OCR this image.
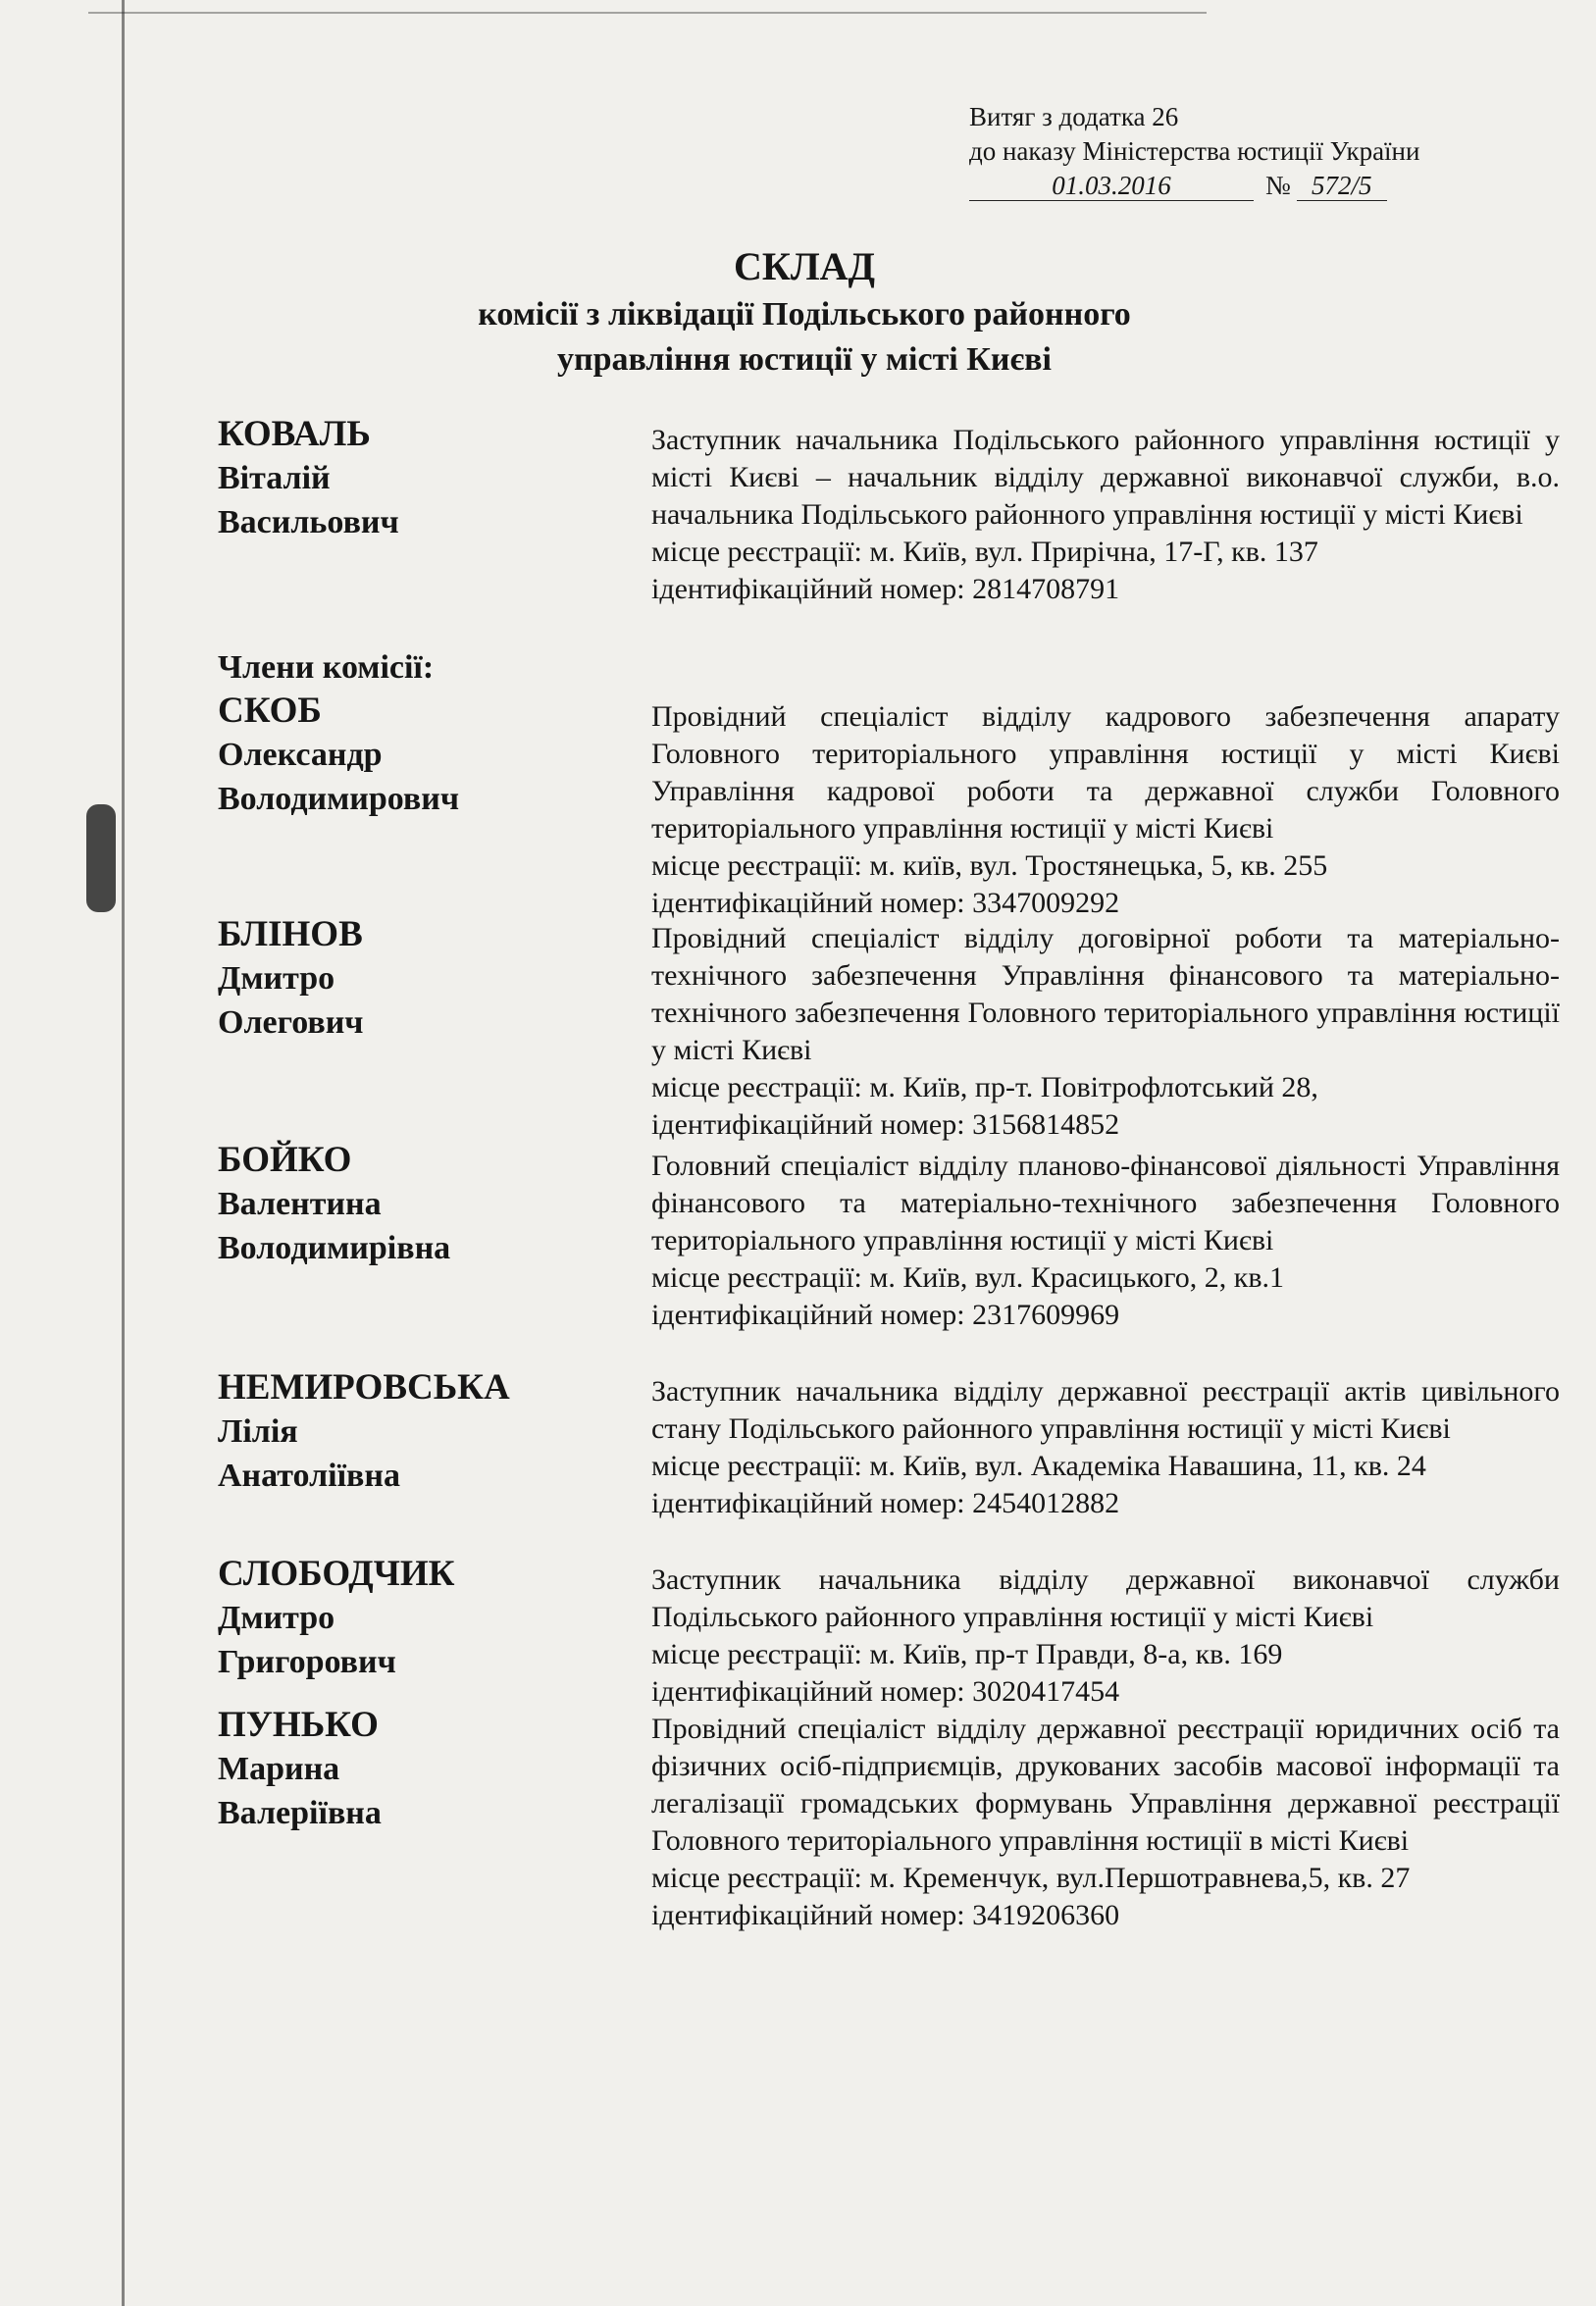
Витяг з додатка 26
до наказу Міністерства юстиції України
01.03.2016	№ 572/5
СКЛАД
комісії з ліквідації Подільського районного
управління юстиції у місті Києві
КОВАЛЬ
Віталій
Васильович
Заступник начальника Подільського районного управління юстиції у місті Києві – начальник відділу державної виконавчої служби, в.о. начальника Подільського районного управління юстиції у місті Києві
місце реєстрації: м. Київ, вул. Прирічна, 17-Г, кв. 137
ідентифікаційний номер: 2814708791
Члени комісії:
СКОБ
Олександр
Володимирович
Провідний спеціаліст відділу кадрового забезпечення апарату Головного територіального управління юстиції у місті Києві Управління кадрової роботи та державної служби Головного територіального управління юстиції у місті Києві
місце реєстрації: м. київ, вул. Тростянецька, 5, кв. 255
ідентифікаційний номер: 3347009292
БЛІНОВ
Дмитро
Олегович
Провідний спеціаліст відділу договірної роботи та матеріально-технічного забезпечення Управління фінансового та матеріально-технічного забезпечення Головного територіального управління юстиції у місті Києві
місце реєстрації: м. Київ, пр-т. Повітрофлотський 28,
ідентифікаційний номер: 3156814852
БОЙКО
Валентина
Володимирівна
Головний спеціаліст відділу планово-фінансової діяльності Управління фінансового та матеріально-технічного забезпечення Головного територіального управління юстиції у місті Києві
місце реєстрації: м. Київ, вул. Красицького, 2, кв.1
ідентифікаційний номер: 2317609969
НЕМИРОВСЬКА
Лілія
Анатоліївна
Заступник начальника відділу державної реєстрації актів цивільного стану Подільського районного управління юстиції у місті Києві
місце реєстрації: м. Київ, вул. Академіка Навашина, 11, кв. 24
ідентифікаційний номер: 2454012882
СЛОБОДЧИК
Дмитро
Григорович
Заступник начальника відділу державної виконавчої служби Подільського районного управління юстиції у місті Києві
місце реєстрації: м. Київ, пр-т Правди, 8-а, кв. 169
ідентифікаційний номер: 3020417454
ПУНЬКО
Марина
Валеріївна
Провідний спеціаліст відділу державної реєстрації юридичних осіб та фізичних осіб-підприємців, друкованих засобів масової інформації та легалізації громадських формувань Управління державної реєстрації Головного територіального управління юстиції в місті Києві
місце реєстрації: м. Кременчук, вул.Першотравнева,5, кв. 27
ідентифікаційний номер: 3419206360
